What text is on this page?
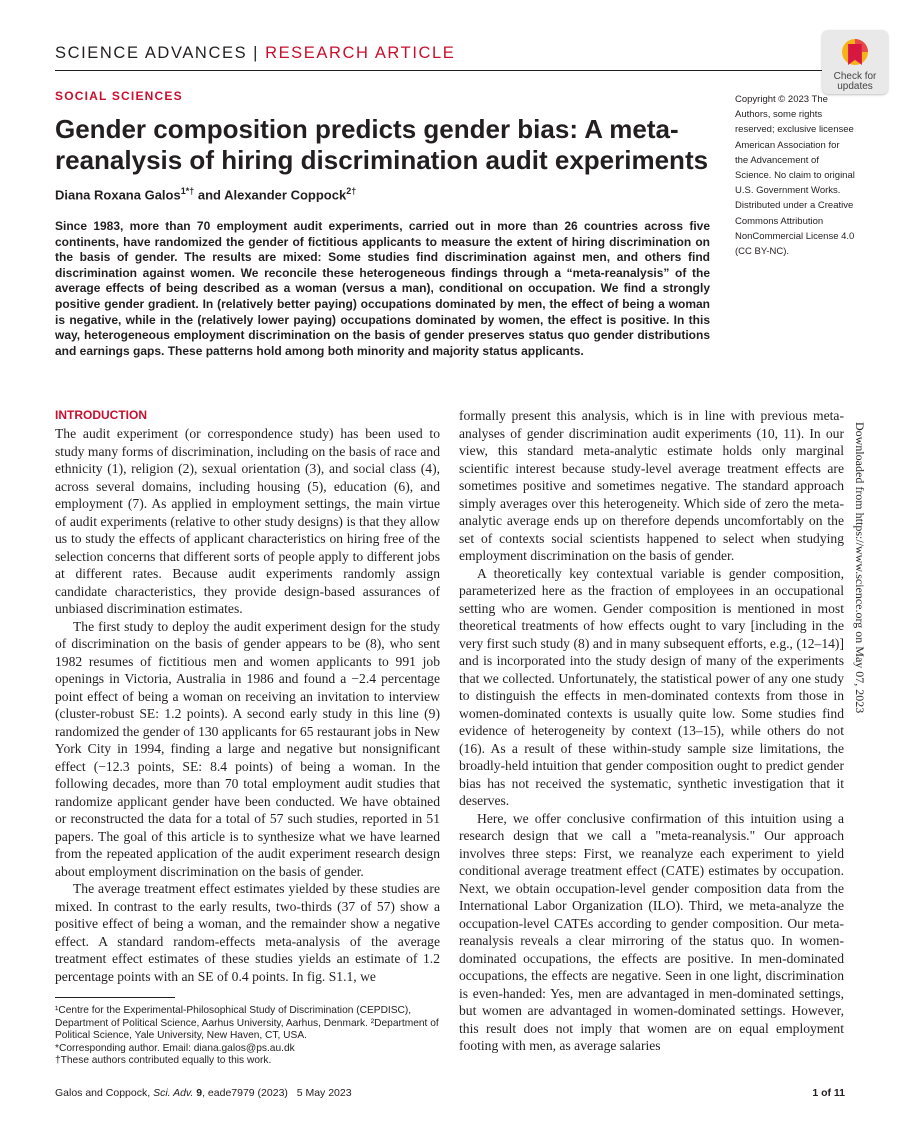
SCIENCE ADVANCES | RESEARCH ARTICLE
Check for
updates
SOCIAL SCIENCES
Gender composition predicts gender bias: A meta-reanalysis of hiring discrimination audit experiments
Diana Roxana Galos$^{1*\dagger}$ and Alexander Coppock$^{2\dagger}$

Since 1983, more than 70 employment audit experiments, carried out in more than 26 countries across five continents, have randomized the gender of fictitious applicants to measure the extent of hiring discrimination on the basis of gender. The results are mixed: Some studies find discrimination against men, and others find discrimination against women. We reconcile these heterogeneous findings through a “meta-reanalysis” of the average effects of being described as a woman (versus a man), conditional on occupation. We find a strongly positive gender gradient. In (relatively better paying) occupations dominated by men, the effect of being a woman is negative, while in the (relatively lower paying) occupations dominated by women, the effect is positive. In this way, heterogeneous employment discrimination on the basis of gender preserves status quo gender distributions and earnings gaps. These patterns hold among both minority and majority status applicants.

Copyright © 2023 The Authors, some rights reserved; exclusive licensee American Association for the Advancement of Science. No claim to original U.S. Government Works. Distributed under a Creative Commons Attribution NonCommercial License 4.0 (CC BY-NC).

INTRODUCTION

The audit experiment (or correspondence study) has been used to study many forms of discrimination, including on the basis of race and ethnicity (1), religion (2), sexual orientation (3), and social class (4), across several domains, including housing (5), education (6), and employment (7). As applied in employment settings, the main virtue of audit experiments (relative to other study designs) is that they allow us to study the effects of applicant characteristics on hiring free of the selection concerns that different sorts of people apply to different jobs at different rates. Because audit experiments randomly assign candidate characteristics, they provide design-based assurances of unbiased discrimination estimates.

The first study to deploy the audit experiment design for the study of discrimination on the basis of gender appears to be (8), who sent 1982 resumes of fictitious men and women applicants to 991 job openings in Victoria, Australia in 1986 and found a −2.4 percentage point effect of being a woman on receiving an invitation to interview (cluster-robust SE: 1.2 points). A second early study in this line (9) randomized the gender of 130 applicants for 65 restaurant jobs in New York City in 1994, finding a large and negative but nonsignificant effect (−12.3 points, SE: 8.4 points) of being a woman. In the following decades, more than 70 total employment audit studies that randomize applicant gender have been conducted. We have obtained or reconstructed the data for a total of 57 such studies, reported in 51 papers. The goal of this article is to synthesize what we have learned from the repeated application of the audit experiment research design about employment discrimination on the basis of gender.

The average treatment effect estimates yielded by these studies are mixed. In contrast to the early results, two-thirds (37 of 57) show a positive effect of being a woman, and the remainder show a negative effect. A standard random-effects meta-analysis of the average treatment effect estimates of these studies yields an estimate of 1.2 percentage points with an SE of 0.4 points. In fig. S1.1, we

formally present this analysis, which is in line with previous meta-analyses of gender discrimination audit experiments (10, 11). In our view, this standard meta-analytic estimate holds only marginal scientific interest because study-level average treatment effects are sometimes positive and sometimes negative. The standard approach simply averages over this heterogeneity. Which side of zero the meta-analytic average ends up on therefore depends uncomfortably on the set of contexts social scientists happened to select when studying employment discrimination on the basis of gender.

A theoretically key contextual variable is gender composition, parameterized here as the fraction of employees in an occupational setting who are women. Gender composition is mentioned in most theoretical treatments of how effects ought to vary [including in the very first such study (8) and in many subsequent efforts, e.g., (12–14)] and is incorporated into the study design of many of the experiments that we collected. Unfortunately, the statistical power of any one study to distinguish the effects in men-dominated contexts from those in women-dominated contexts is usually quite low. Some studies find evidence of heterogeneity by context (13–15), while others do not (16). As a result of these within-study sample size limitations, the broadly-held intuition that gender composition ought to predict gender bias has not received the systematic, synthetic investigation that it deserves.

Here, we offer conclusive confirmation of this intuition using a research design that we call a "meta-reanalysis." Our approach involves three steps: First, we reanalyze each experiment to yield conditional average treatment effect (CATE) estimates by occupation. Next, we obtain occupation-level gender composition data from the International Labor Organization (ILO). Third, we meta-analyze the occupation-level CATEs according to gender composition. Our meta-reanalysis reveals a clear mirroring of the status quo. In women-dominated occupations, the effects are positive. In men-dominated occupations, the effects are negative. Seen in one light, discrimination is even-handed: Yes, men are advantaged in men-dominated settings, but women are advantaged in women-dominated settings. However, this result does not imply that women are on equal employment footing with men, as average salaries

Downloaded from https://www.science.org on May 07, 2023
¹Centre for the Experimental-Philosophical Study of Discrimination (CEPDISC), Department of Political Science, Aarhus University, Aarhus, Denmark. ²Department of Political Science, Yale University, New Haven, CT, USA.
*Corresponding author. Email: diana.galos@ps.au.dk
†These authors contributed equally to this work.
Galos and Coppock, Sci. Adv. 9, eade7979 (2023) 5 May 2023	1 of 11
